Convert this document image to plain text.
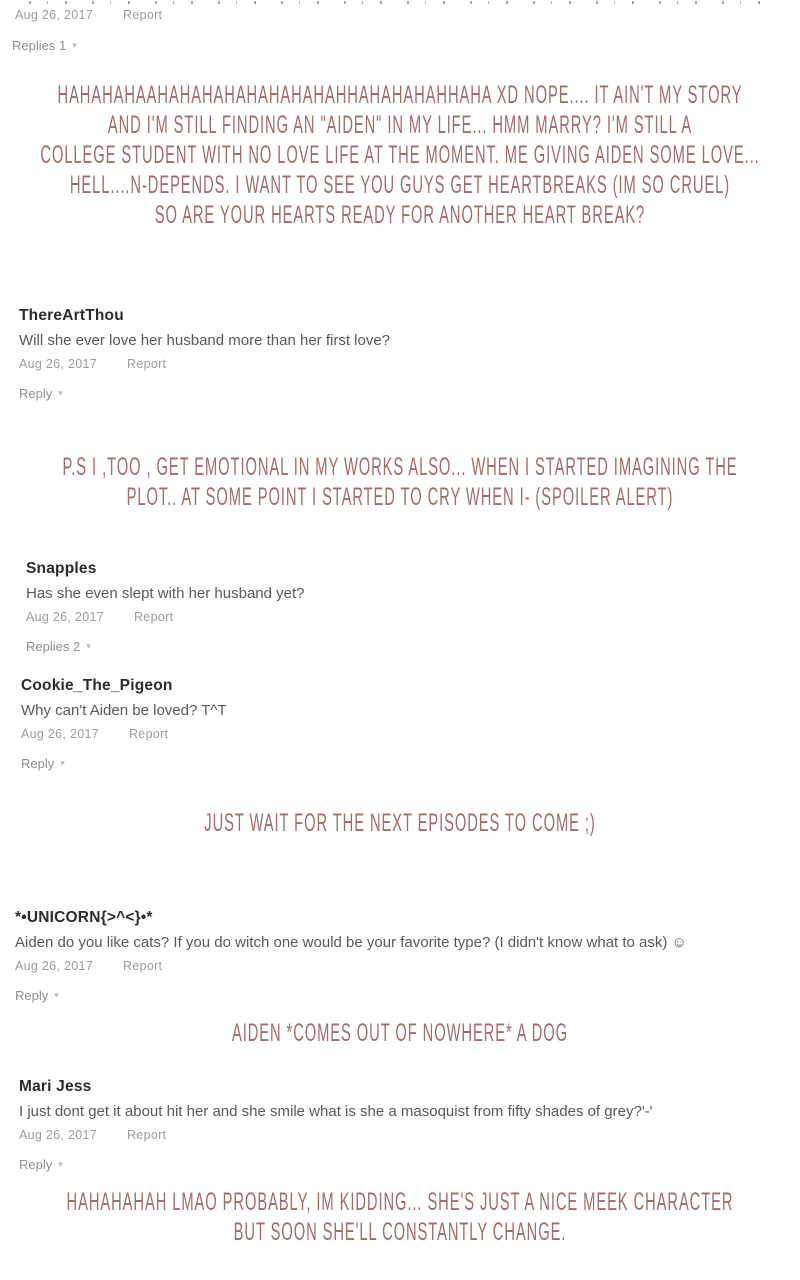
Aug 26, 2017 Report
Replies 1 ▾
HAHAHAHAAHAHAHAHAHAHAHAHAHHAHAHAHAHHAHA XD NOPE.... IT AIN'T MY STORY
AND I'M STILL FINDING AN "AIDEN" IN MY LIFE... HMM MARRY? I'M STILL A
COLLEGE STUDENT WITH NO LOVE LIFE AT THE MOMENT. ME GIVING AIDEN SOME LOVE...
HELL....N-DEPENDS. I WANT TO SEE YOU GUYS GET HEARTBREAKS (IM SO CRUEL)
SO ARE YOUR HEARTS READY FOR ANOTHER HEART BREAK?
ThereArtThou
Will she ever love her husband more than her first love?
Aug 26, 2017 Report
Reply ▾
P.S I ,TOO , GET EMOTIONAL IN MY WORKS ALSO... WHEN I STARTED IMAGINING THE
PLOT.. AT SOME POINT I STARTED TO CRY WHEN I- (SPOILER ALERT)
Snapples
Has she even slept with her husband yet?
Aug 26, 2017 Report
Replies 2 ▾
Cookie_The_Pigeon
Why can't Aiden be loved? T^T
Aug 26, 2017 Report
Reply ▾
JUST WAIT FOR THE NEXT EPISODES TO COME ;)
*•UNICORN{>^<}•*
Aiden do you like cats? If you do witch one would be your favorite type? (I didn't know what to ask) ☺
Aug 26, 2017 Report
Reply ▾
AIDEN *COMES OUT OF NOWHERE* A DOG
Mari Jess
I just dont get it about hit her and she smile what is she a masoquist from fifty shades of grey?'-'
Aug 26, 2017 Report
Reply ▾
HAHAHAHAH LMAO PROBABLY, IM KIDDING... SHE'S JUST A NICE MEEK CHARACTER
BUT SOON SHE'LL CONSTANTLY CHANGE.
